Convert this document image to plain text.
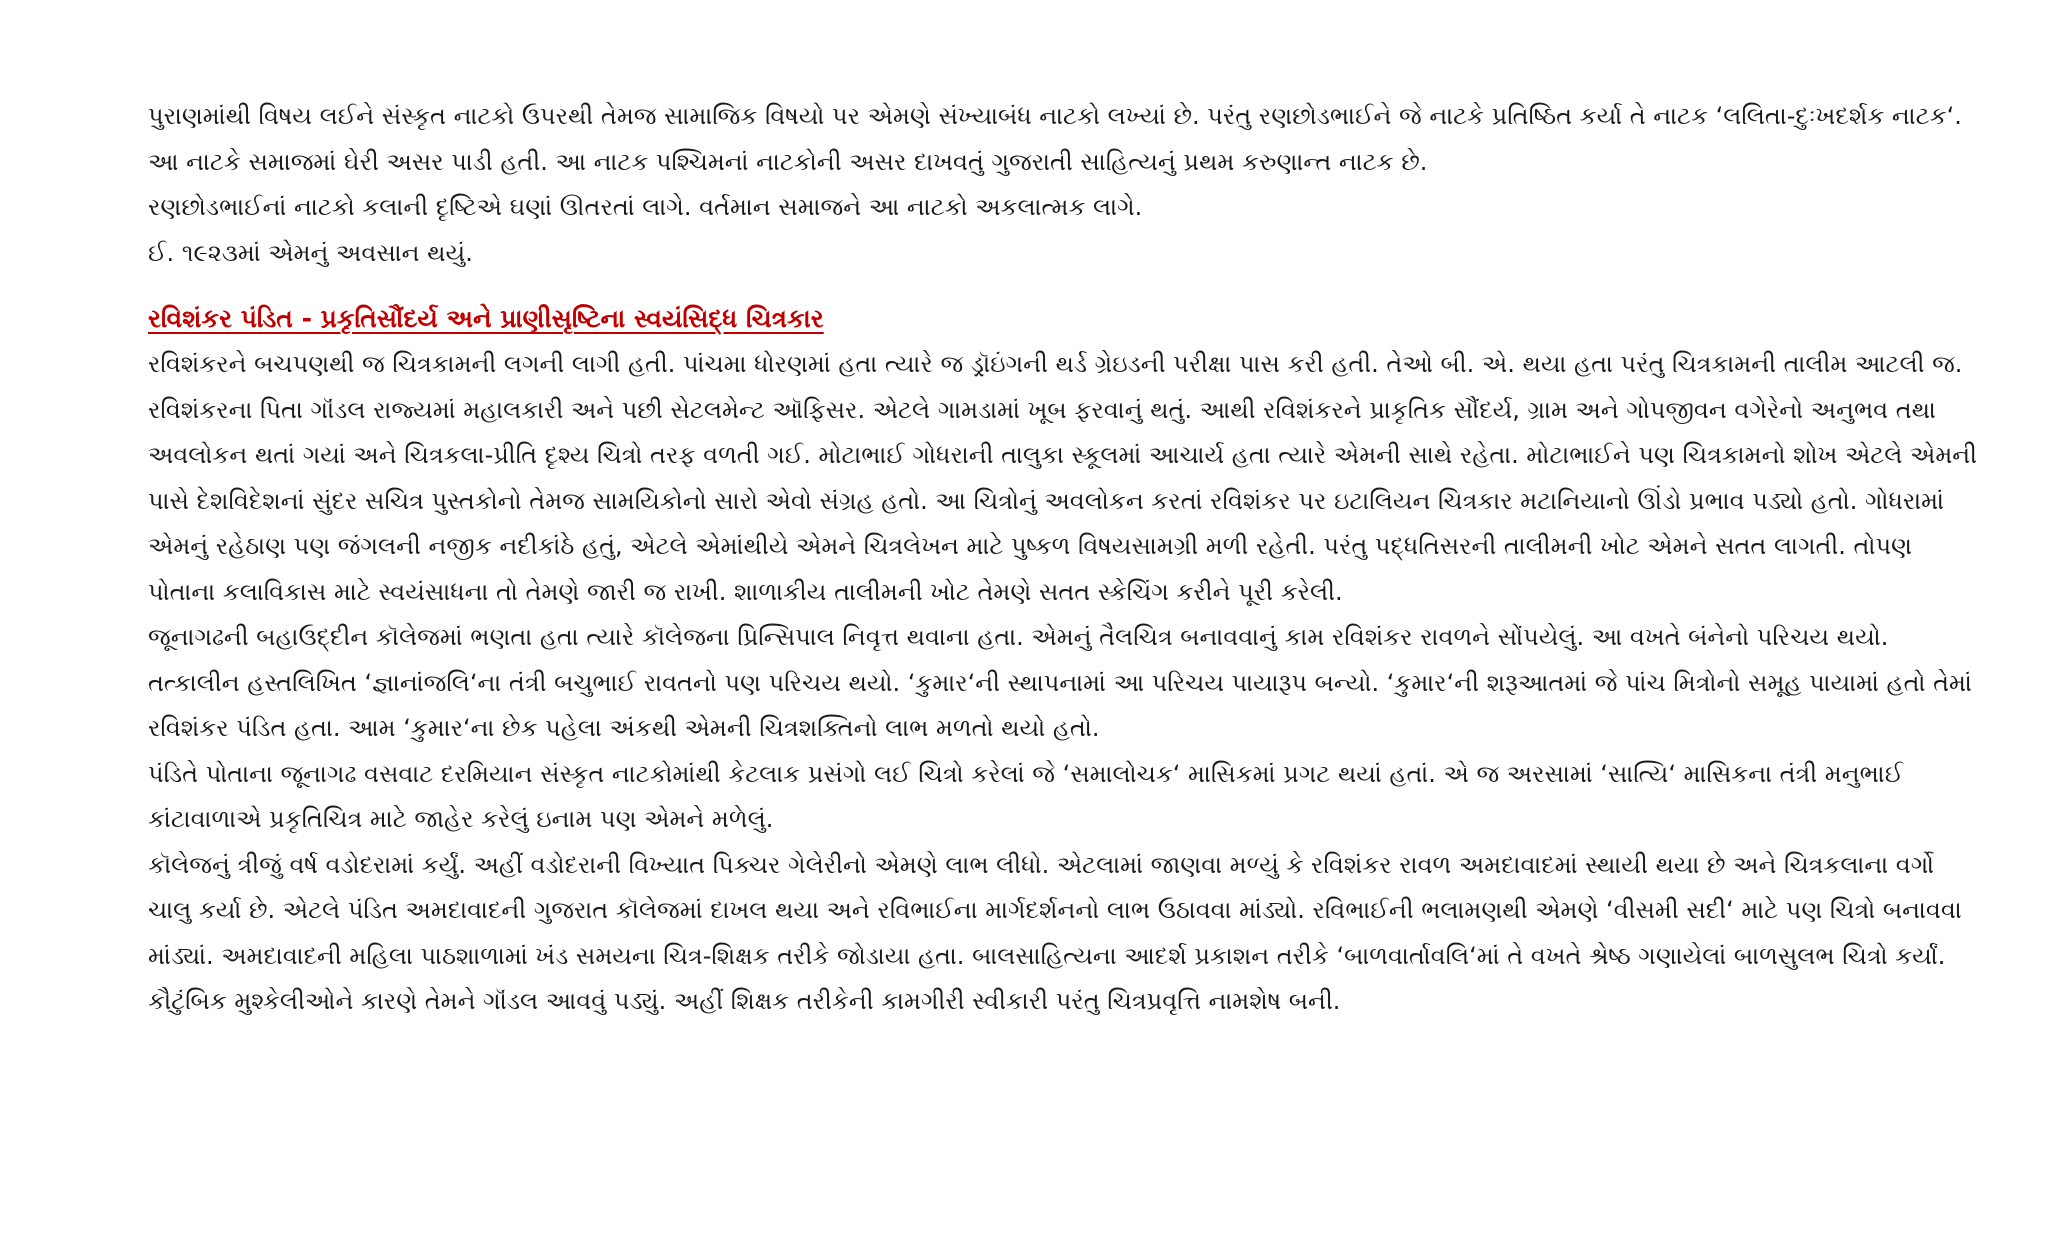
પુરાણમાંથી વિષય લઈને સંસ્કૃત નાટકો ઉપરથી તેમજ સામાજિક વિષયો પર એમણે સંખ્યાબંધ નાટકો લખ્યાં છે. પરંતુ રણછોડભાઈને જે નાટકે પ્રતિષ્ઠિત કર્યા તે નાટક ‘લલિતા-દુઃખદર્શક નાટક‘. આ નાટકે સમાજમાં ઘેરી અસર પાડી હતી. આ નાટક પશ્ચિમનાં નાટકોની અસર દાખવતું ગુજરાતી સાહિત્યનું પ્રથમ કરુણાન્ત નાટક છે.

રણછોડભાઈનાં નાટકો કલાની દૃષ્ટિએ ઘણાં ઊતરતાં લાગે. વર્તમાન સમાજને આ નાટકો અકલાત્મક લાગે.

ઈ. ૧૯૨૩માં એમનું અવસાન થયું.

રવિશંકર પંડિત - પ્રકૃતિસૌંદર્ય અને પ્રાણીસૃષ્ટિના સ્વયંસિદ્ધ ચિત્રકાર

રવિશંકરને બચપણથી જ ચિત્રકામની લગની લાગી હતી. પાંચમા ધોરણમાં હતા ત્યારે જ ડ્રૉઇંગની થર્ડ ગ્રેઇડની પરીક્ષા પાસ કરી હતી. તેઓ બી. એ. થયા હતા પરંતુ ચિત્રકામની તાલીમ આટલી જ.

રવિશંકરના પિતા ગૉંડલ રાજ્યમાં મહાલકારી અને પછી સેટલમેન્ટ ઑફિસર. એટલે ગામડામાં ખૂબ ફરવાનું થતું. આથી રવિશંકરને પ્રાકૃતિક સૌંદર્ય, ગ્રામ અને ગોપજીવન વગેરેનો અનુભવ તથા અવલોકન થતાં ગયાં અને ચિત્રકલા-પ્રીતિ દૃશ્ય ચિત્રો તરફ વળતી ગઈ. મોટાભાઈ ગોધરાની તાલુકા સ્કૂલમાં આચાર્ય હતા ત્યારે એમની સાથે રહેતા. મોટાભાઈને પણ ચિત્રકામનો શોખ એટલે એમની પાસે દેશવિદેશનાં સુંદર સચિત્ર પુસ્તકોનો તેમજ સામયિકોનો સારો એવો સંગ્રહ હતો. આ ચિત્રોનું અવલોકન કરતાં રવિશંકર પર ઇટાલિયન ચિત્રકાર મટાનિયાનો ઊંડો પ્રભાવ પડ્યો હતો. ગોધરામાં એમનું રહેઠાણ પણ જંગલની નજીક નદીકાંઠે હતું, એટલે એમાંથીયે એમને ચિત્રલેખન માટે પુષ્કળ વિષયસામગ્રી મળી રહેતી. પરંતુ પદ્ધતિસરની તાલીમની ખોટ એમને સતત લાગતી. તોપણ પોતાના કલાવિકાસ માટે સ્વયંસાધના તો તેમણે જારી જ રાખી. શાળાકીય તાલીમની ખોટ તેમણે સતત સ્કેચિંગ કરીને પૂરી કરેલી.

જૂનાગઢની બહાઉદ્દીન કૉલેજમાં ભણતા હતા ત્યારે કૉલેજના પ્રિન્સિપાલ નિવૃત્ત થવાના હતા. એમનું તૈલચિત્ર બનાવવાનું કામ રવિશંકર રાવળને સોંપયેલું. આ વખતે બંનેનો પરિચય થયો. તત્કાલીન હસ્તલિખિત ‘જ્ઞાનાંજલિ‘ના તંત્રી બચુભાઈ રાવતનો પણ પરિચય થયો. ‘કુમાર‘ની સ્થાપનામાં આ પરિચય પાયારૂપ બન્યો. ‘કુમાર‘ની શરૂઆતમાં જે પાંચ મિત્રોનો સમૂહ પાયામાં હતો તેમાં રવિશંકર પંડિત હતા. આમ ‘કુમાર‘ના છેક પહેલા અંકથી એમની ચિત્રશક્તિનો લાભ મળતો થયો હતો.

પંડિતે પોતાના જૂનાગઢ વસવાટ દરમિયાન સંસ્કૃત નાટકોમાંથી કેટલાક પ્રસંગો લઈ ચિત્રો કરેલાં જે ‘સમાલોચક‘ માસિકમાં પ્રગટ થયાં હતાં. એ જ અરસામાં ‘સાત્યિ‘ માસિકના તંત્રી મનુભાઈ કાંટાવાળાએ પ્રકૃતિચિત્ર માટે જાહેર કરેલું ઇનામ પણ એમને મળેલું.

કૉલેજનું ત્રીજું વર્ષ વડોદરામાં કર્યું. અહીં વડોદરાની વિખ્યાત પિક્ચર ગેલેરીનો એમણે લાભ લીધો. એટલામાં જાણવા મળ્યું કે રવિશંકર રાવળ અમદાવાદમાં સ્થાયી થયા છે અને ચિત્રકલાના વર્ગો ચાલુ કર્યા છે. એટલે પંડિત અમદાવાદની ગુજરાત કૉલેજમાં દાખલ થયા અને રવિભાઈના માર્ગદર્શનનો લાભ ઉઠાવવા માંડ્યો. રવિભાઈની ભલામણથી એમણે ‘વીસમી સદી‘ માટે પણ ચિત્રો બનાવવા માંડ્યાં. અમદાવાદની મહિલા પાઠશાળામાં ખંડ સમયના ચિત્ર-શિક્ષક તરીકે જોડાયા હતા. બાલસાહિત્યના આદર્શ પ્રકાશન તરીકે ‘બાળવાર્તાવલિ‘માં તે વખતે શ્રેષ્ઠ ગણાયેલાં બાળસુલભ ચિત્રો કર્યાં. કૌટુંબિક મુશ્કેલીઓને કારણે તેમને ગૉંડલ આવવું પડ્યું. અહીં શિક્ષક તરીકેની કામગીરી સ્વીકારી પરંતુ ચિત્રપ્રવૃત્તિ નામશેષ બની.
